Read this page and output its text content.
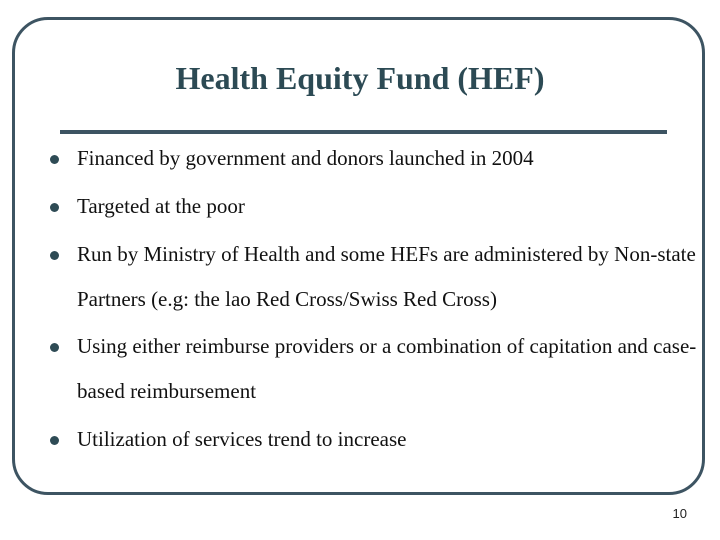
Health Equity Fund (HEF)
Financed by government and donors launched in 2004
Targeted at the poor
Run by Ministry of Health and some HEFs are administered by Non-state Partners (e.g: the lao Red Cross/Swiss Red Cross)
Using either reimburse providers or a combination of capitation and case-based reimbursement
Utilization of services trend to increase
10
